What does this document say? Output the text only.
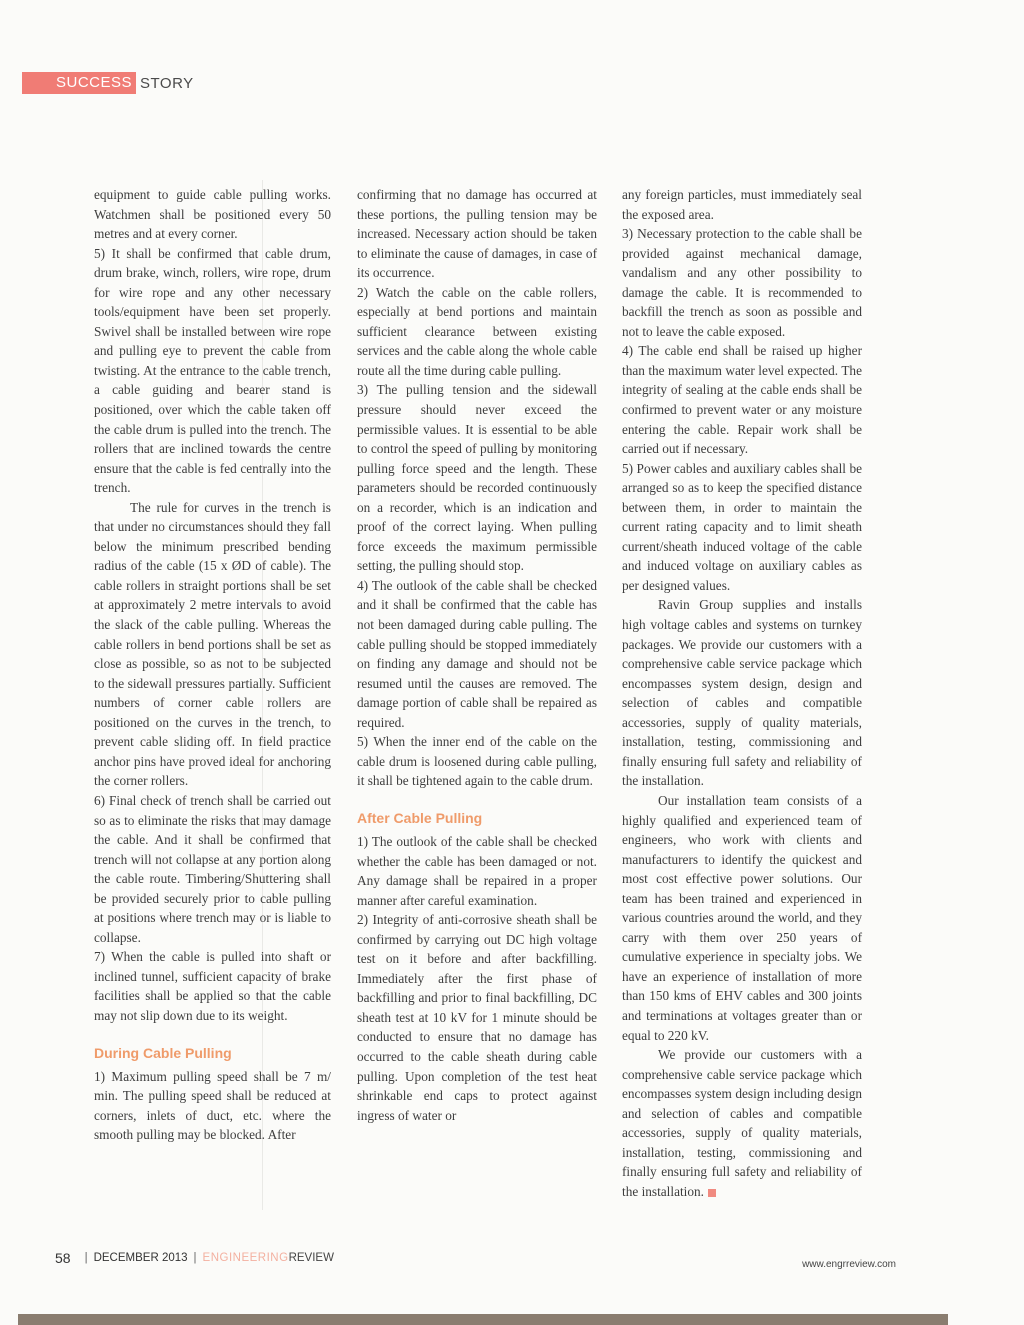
SUCCESS STORY

equipment to guide cable pulling works. Watchmen shall be positioned every 50 metres and at every corner.

5) It shall be confirmed that cable drum, drum brake, winch, rollers, wire rope, drum for wire rope and any other necessary tools/equipment have been set properly. Swivel shall be installed between wire rope and pulling eye to prevent the cable from twisting. At the entrance to the cable trench, a cable guiding and bearer stand is positioned, over which the cable taken off the cable drum is pulled into the trench. The rollers that are inclined towards the centre ensure that the cable is fed centrally into the trench.

The rule for curves in the trench is that under no circumstances should they fall below the minimum prescribed bending radius of the cable (15 x ØD of cable). The cable rollers in straight portions shall be set at approximately 2 metre intervals to avoid the slack of the cable pulling. Whereas the cable rollers in bend portions shall be set as close as possible, so as not to be subjected to the sidewall pressures partially. Sufficient numbers of corner cable rollers are positioned on the curves in the trench, to prevent cable sliding off. In field practice anchor pins have proved ideal for anchoring the corner rollers.

6) Final check of trench shall be carried out so as to eliminate the risks that may damage the cable. And it shall be confirmed that trench will not collapse at any portion along the cable route. Timbering/Shuttering shall be provided securely prior to cable pulling at positions where trench may or is liable to collapse.

7) When the cable is pulled into shaft or inclined tunnel, sufficient capacity of brake facilities shall be applied so that the cable may not slip down due to its weight.

During Cable Pulling

1) Maximum pulling speed shall be 7 m/ min. The pulling speed shall be reduced at corners, inlets of duct, etc. where the smooth pulling may be blocked. After

confirming that no damage has occurred at these portions, the pulling tension may be increased. Necessary action should be taken to eliminate the cause of damages, in case of its occurrence.

2) Watch the cable on the cable rollers, especially at bend portions and maintain sufficient clearance between existing services and the cable along the whole cable route all the time during cable pulling.

3) The pulling tension and the sidewall pressure should never exceed the permissible values. It is essential to be able to control the speed of pulling by monitoring pulling force speed and the length. These parameters should be recorded continuously on a recorder, which is an indication and proof of the correct laying. When pulling force exceeds the maximum permissible setting, the pulling should stop.

4) The outlook of the cable shall be checked and it shall be confirmed that the cable has not been damaged during cable pulling. The cable pulling should be stopped immediately on finding any damage and should not be resumed until the causes are removed. The damage portion of cable shall be repaired as required.

5) When the inner end of the cable on the cable drum is loosened during cable pulling, it shall be tightened again to the cable drum.

After Cable Pulling

1) The outlook of the cable shall be checked whether the cable has been damaged or not. Any damage shall be repaired in a proper manner after careful examination.

2) Integrity of anti-corrosive sheath shall be confirmed by carrying out DC high voltage test on it before and after backfilling. Immediately after the first phase of backfilling and prior to final backfilling, DC sheath test at 10 kV for 1 minute should be conducted to ensure that no damage has occurred to the cable sheath during cable pulling. Upon completion of the test heat shrinkable end caps to protect against ingress of water or

any foreign particles, must immediately seal the exposed area.

3) Necessary protection to the cable shall be provided against mechanical damage, vandalism and any other possibility to damage the cable. It is recommended to backfill the trench as soon as possible and not to leave the cable exposed.

4) The cable end shall be raised up higher than the maximum water level expected. The integrity of sealing at the cable ends shall be confirmed to prevent water or any moisture entering the cable. Repair work shall be carried out if necessary.

5) Power cables and auxiliary cables shall be arranged so as to keep the specified distance between them, in order to maintain the current rating capacity and to limit sheath current/sheath induced voltage of the cable and induced voltage on auxiliary cables as per designed values.

Ravin Group supplies and installs high voltage cables and systems on turnkey packages. We provide our customers with a comprehensive cable service package which encompasses system design, design and selection of cables and compatible accessories, supply of quality materials, installation, testing, commissioning and finally ensuring full safety and reliability of the installation.

Our installation team consists of a highly qualified and experienced team of engineers, who work with clients and manufacturers to identify the quickest and most cost effective power solutions. Our team has been trained and experienced in various countries around the world, and they carry with them over 250 years of cumulative experience in specialty jobs. We have an experience of installation of more than 150 kms of EHV cables and 300 joints and terminations at voltages greater than or equal to 220 kV.

We provide our customers with a comprehensive cable service package which encompasses system design including design and selection of cables and compatible accessories, supply of quality materials, installation, testing, commissioning and finally ensuring full safety and reliability of the installation.

58 | DECEMBER 2013 | ENGINEERING REVIEW
www.engrreview.com
